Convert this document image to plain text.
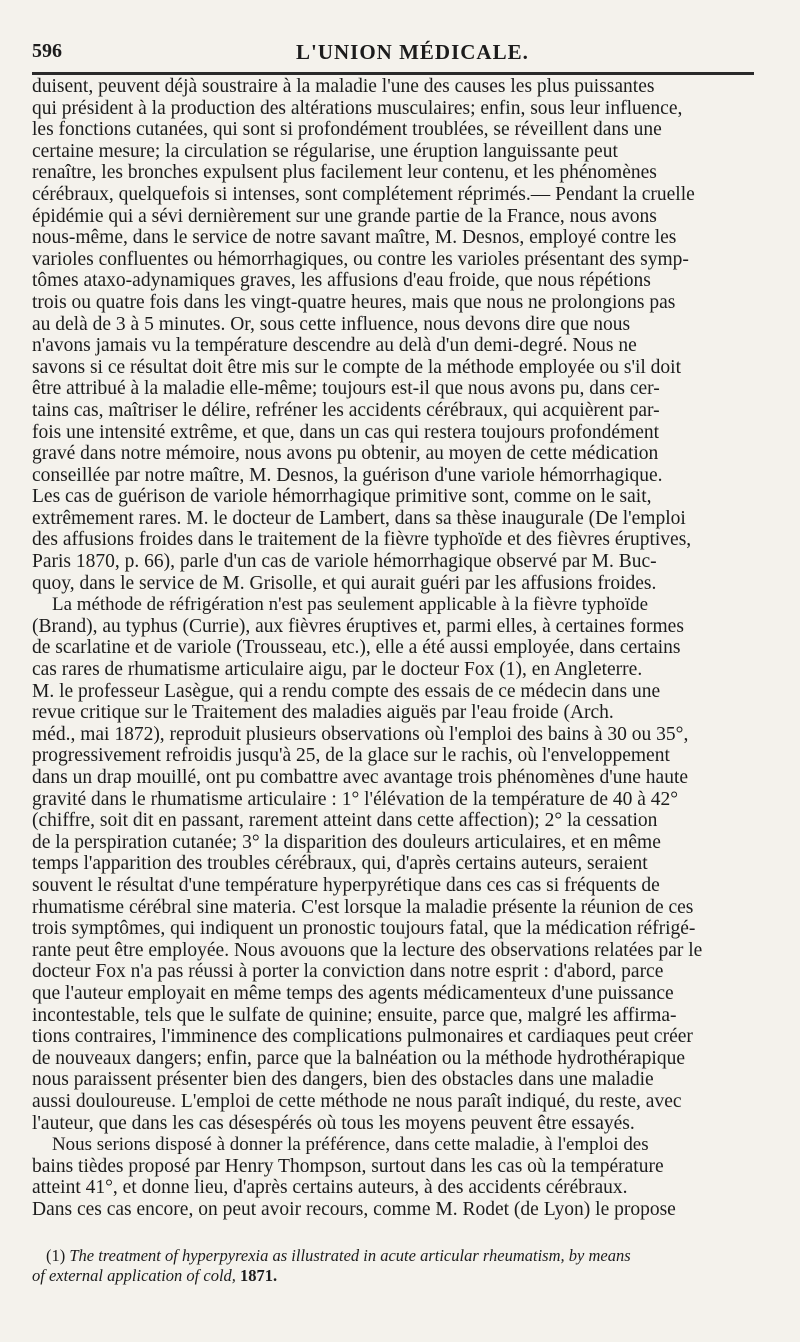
596	L'UNION MÉDICALE.
duisent, peuvent déjà soustraire à la maladie l'une des causes les plus puissantes
qui président à la production des altérations musculaires; enfin, sous leur influence,
les fonctions cutanées, qui sont si profondément troublées, se réveillent dans une
certaine mesure; la circulation se régularise, une éruption languissante peut
renaître, les bronches expulsent plus facilement leur contenu, et les phénomènes
cérébraux, quelquefois si intenses, sont complétement réprimés.— Pendant la cruelle
épidémie qui a sévi dernièrement sur une grande partie de la France, nous avons
nous-même, dans le service de notre savant maître, M. Desnos, employé contre les
varioles confluentes ou hémorrhagiques, ou contre les varioles présentant des symp-
tômes ataxo-adynamiques graves, les affusions d'eau froide, que nous répétions
trois ou quatre fois dans les vingt-quatre heures, mais que nous ne prolongions pas
au delà de 3 à 5 minutes. Or, sous cette influence, nous devons dire que nous
n'avons jamais vu la température descendre au delà d'un demi-degré. Nous ne
savons si ce résultat doit être mis sur le compte de la méthode employée ou s'il doit
être attribué à la maladie elle-même; toujours est-il que nous avons pu, dans cer-
tains cas, maîtriser le délire, refréner les accidents cérébraux, qui acquièrent par-
fois une intensité extrême, et que, dans un cas qui restera toujours profondément
gravé dans notre mémoire, nous avons pu obtenir, au moyen de cette médication
conseillée par notre maître, M. Desnos, la guérison d'une variole hémorrhagique.
Les cas de guérison de variole hémorrhagique primitive sont, comme on le sait,
extrêmement rares. M. le docteur de Lambert, dans sa thèse inaugurale (De l'emploi
des affusions froides dans le traitement de la fièvre typhoïde et des fièvres éruptives,
Paris 1870, p. 66), parle d'un cas de variole hémorrhagique observé par M. Buc-
quoy, dans le service de M. Grisolle, et qui aurait guéri par les affusions froides.
La méthode de réfrigération n'est pas seulement applicable à la fièvre typhoïde
(Brand), au typhus (Currie), aux fièvres éruptives et, parmi elles, à certaines formes
de scarlatine et de variole (Trousseau, etc.), elle a été aussi employée, dans certains
cas rares de rhumatisme articulaire aigu, par le docteur Fox (1), en Angleterre.
M. le professeur Lasègue, qui a rendu compte des essais de ce médecin dans une
revue critique sur le Traitement des maladies aiguës par l'eau froide (Arch.
méd., mai 1872), reproduit plusieurs observations où l'emploi des bains à 30 ou 35°,
progressivement refroidis jusqu'à 25, de la glace sur le rachis, où l'enveloppement
dans un drap mouillé, ont pu combattre avec avantage trois phénomènes d'une haute
gravité dans le rhumatisme articulaire : 1° l'élévation de la température de 40 à 42°
(chiffre, soit dit en passant, rarement atteint dans cette affection); 2° la cessation
de la perspiration cutanée; 3° la disparition des douleurs articulaires, et en même
temps l'apparition des troubles cérébraux, qui, d'après certains auteurs, seraient
souvent le résultat d'une température hyperpyrétique dans ces cas si fréquents de
rhumatisme cérébral sine materia. C'est lorsque la maladie présente la réunion de ces
trois symptômes, qui indiquent un pronostic toujours fatal, que la médication réfrigé-
rante peut être employée. Nous avouons que la lecture des observations relatées par le
docteur Fox n'a pas réussi à porter la conviction dans notre esprit : d'abord, parce
que l'auteur employait en même temps des agents médicamenteux d'une puissance
incontestable, tels que le sulfate de quinine; ensuite, parce que, malgré les affirma-
tions contraires, l'imminence des complications pulmonaires et cardiaques peut créer
de nouveaux dangers; enfin, parce que la balnéation ou la méthode hydrothérapique
nous paraissent présenter bien des dangers, bien des obstacles dans une maladie
aussi douloureuse. L'emploi de cette méthode ne nous paraît indiqué, du reste, avec
l'auteur, que dans les cas désespérés où tous les moyens peuvent être essayés.
Nous serions disposé à donner la préférence, dans cette maladie, à l'emploi des
bains tièdes proposé par Henry Thompson, surtout dans les cas où la température
atteint 41°, et donne lieu, d'après certains auteurs, à des accidents cérébraux.
Dans ces cas encore, on peut avoir recours, comme M. Rodet (de Lyon) le propose
(1) The treatment of hyperpyrexia as illustrated in acute articular rheumatism, by means
of external application of cold, 1871.
